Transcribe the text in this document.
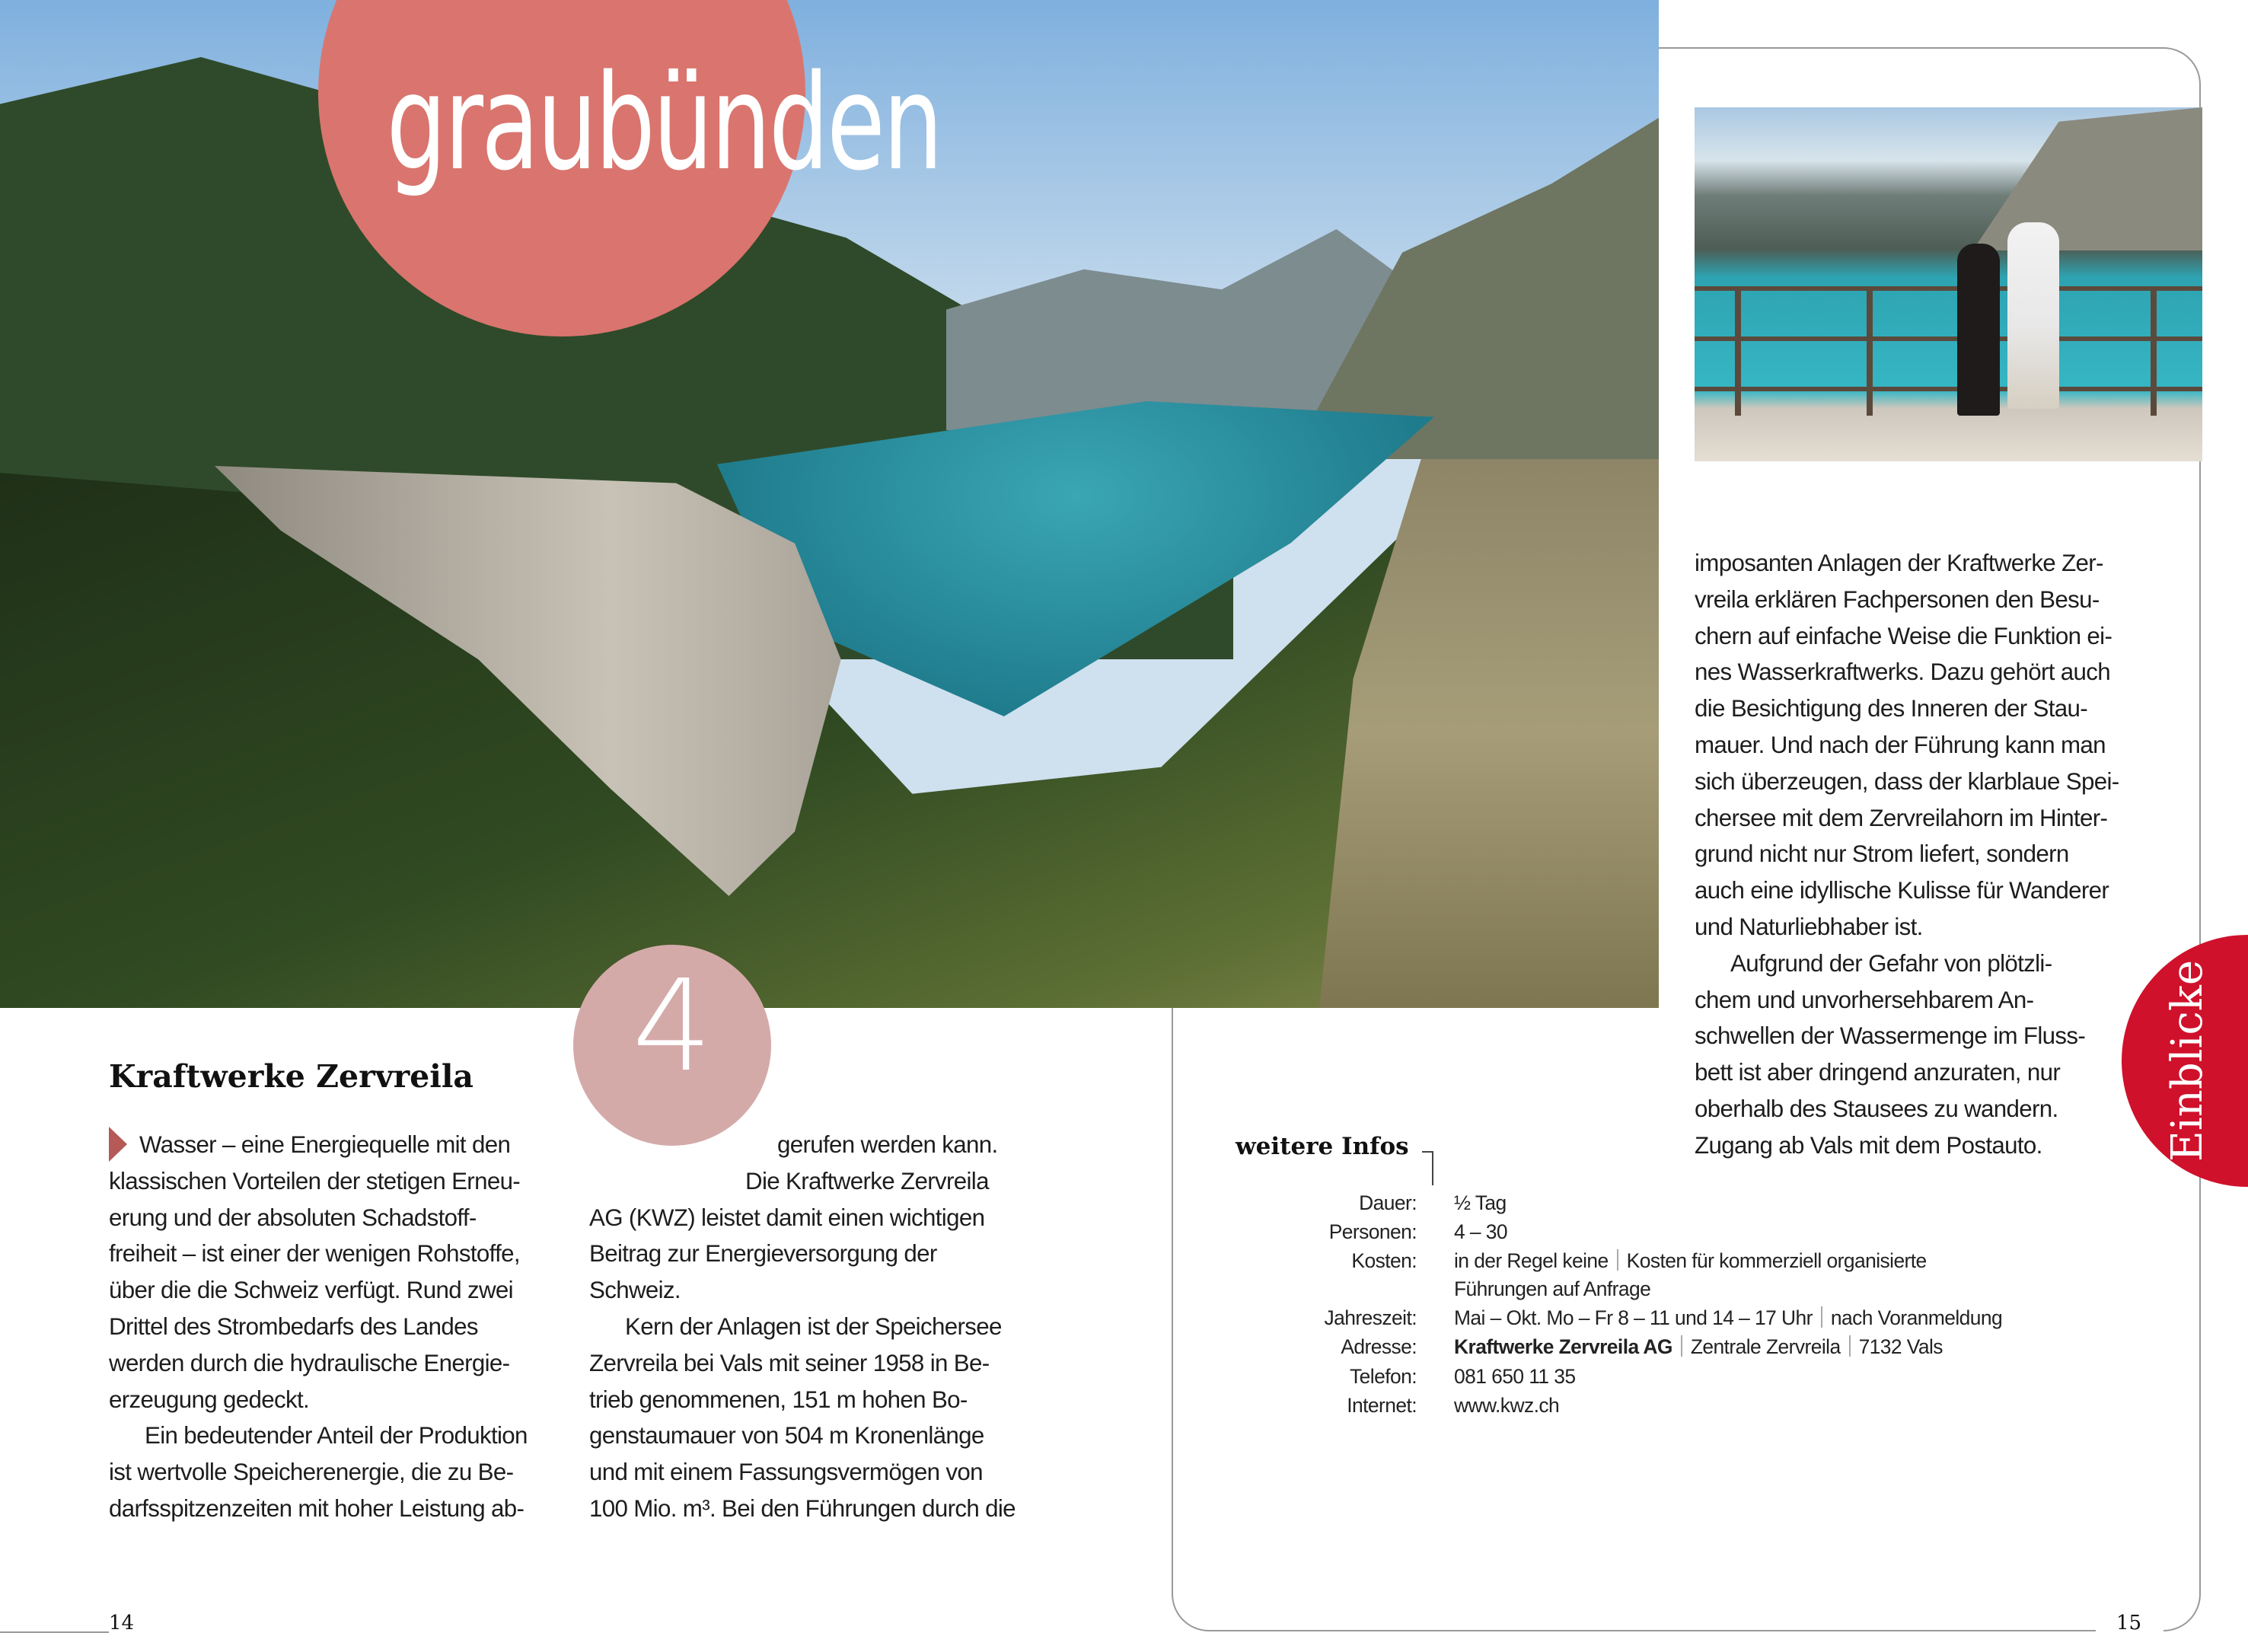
graubünden
4
Kraftwerke Zervreila
Wasser – eine Energiequelle mit den
klassischen Vorteilen der stetigen Erneu-
erung und der absoluten Schadstoff-
freiheit – ist einer der wenigen Rohstoffe,
über die die Schweiz verfügt. Rund zwei
Drittel des Strombedarfs des Landes
werden durch die hydraulische Energie-
erzeugung gedeckt.
Ein bedeutender Anteil der Produktion
ist wertvolle Speicherenergie, die zu Be-
darfsspitzenzeiten mit hoher Leistung ab-
gerufen werden kann.
Die Kraftwerke Zervreila
AG (KWZ) leistet damit einen wichtigen
Beitrag zur Energieversorgung der
Schweiz.
Kern der Anlagen ist der Speichersee
Zervreila bei Vals mit seiner 1958 in Be-
trieb genommenen, 151 m hohen Bo-
genstaumauer von 504 m Kronenlänge
und mit einem Fassungsvermögen von
100 Mio. m³. Bei den Führungen durch die
imposanten Anlagen der Kraftwerke Zer-
vreila erklären Fachpersonen den Besu-
chern auf einfache Weise die Funktion ei-
nes Wasserkraftwerks. Dazu gehört auch
die Besichtigung des Inneren der Stau-
mauer. Und nach der Führung kann man
sich überzeugen, dass der klarblaue Spei-
chersee mit dem Zervreilahorn im Hinter-
grund nicht nur Strom liefert, sondern
auch eine idyllische Kulisse für Wanderer
und Naturliebhaber ist.
Aufgrund der Gefahr von plötzli-
chem und unvorhersehbarem An-
schwellen der Wassermenge im Fluss-
bett ist aber dringend anzuraten, nur
oberhalb des Stausees zu wandern.
Zugang ab Vals mit dem Postauto.
weitere Infos
Dauer: ½ Tag
Personen: 4 – 30
Kosten: in der Regel keine Kosten für kommerziell organisierte
Führungen auf Anfrage
Jahreszeit: Mai – Okt. Mo – Fr 8 – 11 und 14 – 17 Uhr nach Voranmeldung
Adresse: Kraftwerke Zervreila AG Zentrale Zervreila 7132 Vals
Telefon: 081 650 11 35
Internet: www.kwz.ch
Einblicke
14	15
